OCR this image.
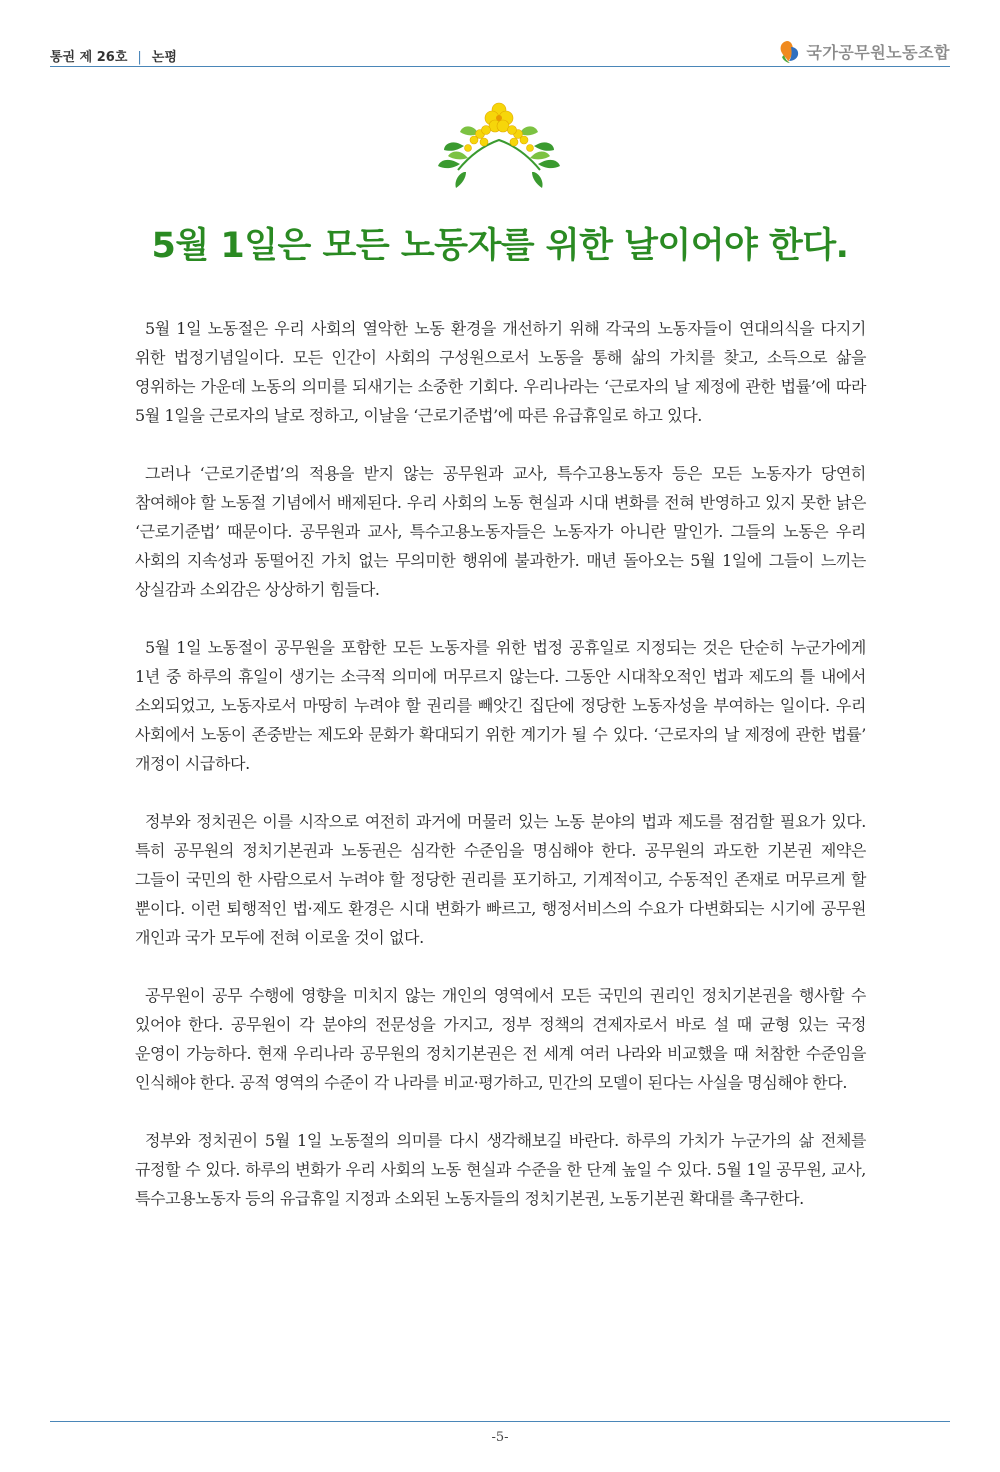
통권 제 26호 | 논평	국가공무원노동조합
5월 1일은 모든 노동자를 위한 날이어야 한다.

5월 1일 노동절은 우리 사회의 열악한 노동 환경을 개선하기 위해 각국의 노동자들이 연대의식을 다지기 위한 법정기념일이다. 모든 인간이 사회의 구성원으로서 노동을 통해 삶의 가치를 찾고, 소득으로 삶을 영위하는 가운데 노동의 의미를 되새기는 소중한 기회다. 우리나라는 ‘근로자의 날 제정에 관한 법률’에 따라 5월 1일을 근로자의 날로 정하고, 이날을 ‘근로기준법’에 따른 유급휴일로 하고 있다.

그러나 ‘근로기준법’의 적용을 받지 않는 공무원과 교사, 특수고용노동자 등은 모든 노동자가 당연히 참여해야 할 노동절 기념에서 배제된다. 우리 사회의 노동 현실과 시대 변화를 전혀 반영하고 있지 못한 낡은 ‘근로기준법’ 때문이다. 공무원과 교사, 특수고용노동자들은 노동자가 아니란 말인가. 그들의 노동은 우리 사회의 지속성과 동떨어진 가치 없는 무의미한 행위에 불과한가. 매년 돌아오는 5월 1일에 그들이 느끼는 상실감과 소외감은 상상하기 힘들다.

5월 1일 노동절이 공무원을 포함한 모든 노동자를 위한 법정 공휴일로 지정되는 것은 단순히 누군가에게 1년 중 하루의 휴일이 생기는 소극적 의미에 머무르지 않는다. 그동안 시대착오적인 법과 제도의 틀 내에서 소외되었고, 노동자로서 마땅히 누려야 할 권리를 빼앗긴 집단에 정당한 노동자성을 부여하는 일이다. 우리 사회에서 노동이 존중받는 제도와 문화가 확대되기 위한 계기가 될 수 있다. ‘근로자의 날 제정에 관한 법률’ 개정이 시급하다.

정부와 정치권은 이를 시작으로 여전히 과거에 머물러 있는 노동 분야의 법과 제도를 점검할 필요가 있다. 특히 공무원의 정치기본권과 노동권은 심각한 수준임을 명심해야 한다. 공무원의 과도한 기본권 제약은 그들이 국민의 한 사람으로서 누려야 할 정당한 권리를 포기하고, 기계적이고, 수동적인 존재로 머무르게 할 뿐이다. 이런 퇴행적인 법·제도 환경은 시대 변화가 빠르고, 행정서비스의 수요가 다변화되는 시기에 공무원 개인과 국가 모두에 전혀 이로울 것이 없다.

공무원이 공무 수행에 영향을 미치지 않는 개인의 영역에서 모든 국민의 권리인 정치기본권을 행사할 수 있어야 한다. 공무원이 각 분야의 전문성을 가지고, 정부 정책의 견제자로서 바로 설 때 균형 있는 국정 운영이 가능하다. 현재 우리나라 공무원의 정치기본권은 전 세계 여러 나라와 비교했을 때 처참한 수준임을 인식해야 한다. 공적 영역의 수준이 각 나라를 비교·평가하고, 민간의 모델이 된다는 사실을 명심해야 한다.

정부와 정치권이 5월 1일 노동절의 의미를 다시 생각해보길 바란다. 하루의 가치가 누군가의 삶 전체를 규정할 수 있다. 하루의 변화가 우리 사회의 노동 현실과 수준을 한 단계 높일 수 있다. 5월 1일 공무원, 교사, 특수고용노동자 등의 유급휴일 지정과 소외된 노동자들의 정치기본권, 노동기본권 확대를 촉구한다.

-5-
